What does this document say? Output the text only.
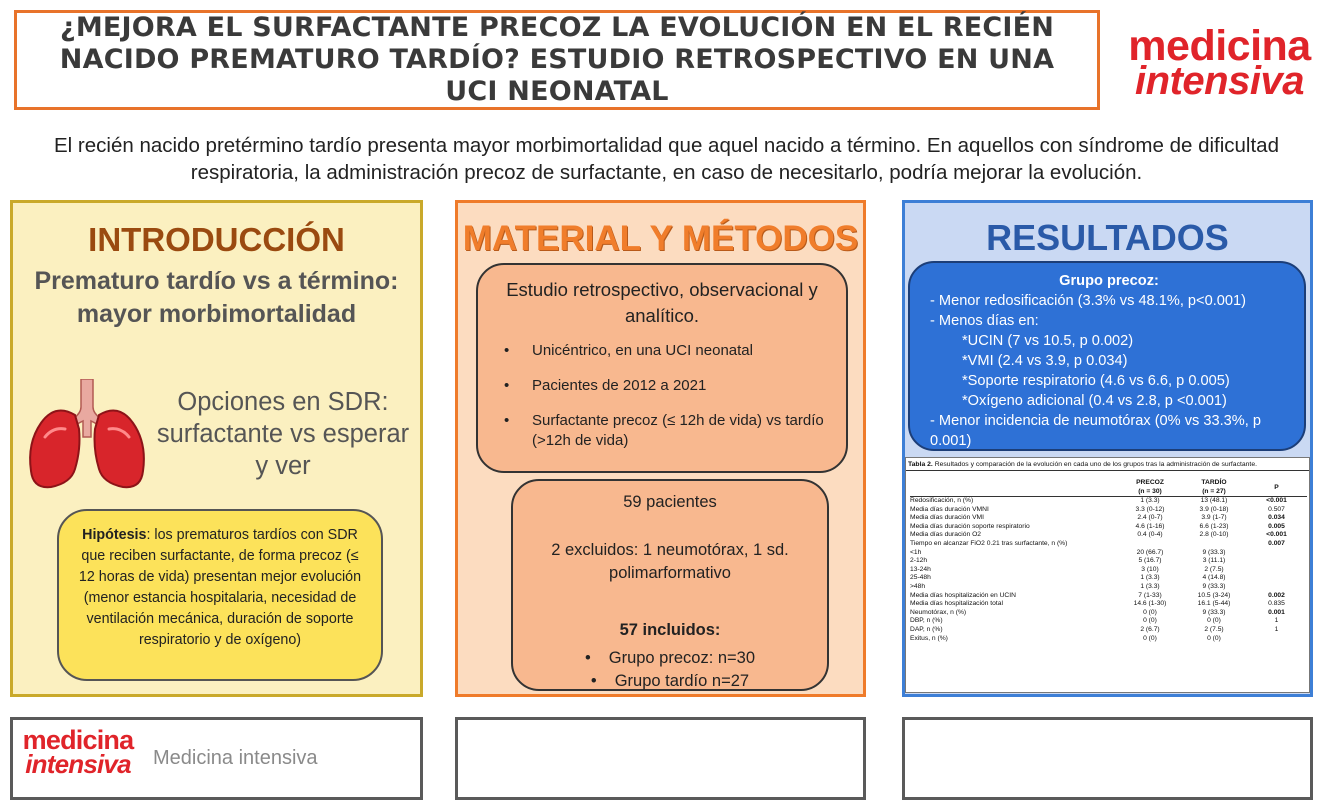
¿MEJORA EL SURFACTANTE PRECOZ LA EVOLUCIÓN EN EL RECIÉN NACIDO PREMATURO TARDÍO? ESTUDIO RETROSPECTIVO EN UNA UCI NEONATAL
medicina
intensiva
El recién nacido pretérmino tardío presenta mayor morbimortalidad que aquel nacido a término. En aquellos con síndrome de dificultad respiratoria, la administración precoz de surfactante, en caso de necesitarlo, podría mejorar la evolución.
INTRODUCCIÓN
Prematuro tardío vs a término: mayor morbimortalidad
Opciones en SDR: surfactante vs esperar y ver
Hipótesis: los prematuros tardíos con SDR que reciben surfactante, de forma precoz (≤ 12 horas de vida) presentan mejor evolución (menor estancia hospitalaria, necesidad de ventilación mecánica, duración de soporte respiratorio y de oxígeno)
MATERIAL Y MÉTODOS
Estudio retrospectivo, observacional y analítico.
• Unicéntrico, en una UCI neonatal
• Pacientes de 2012 a 2021
• Surfactante precoz (≤ 12h de vida) vs tardío (>12h de vida)
59 pacientes
2 excluidos: 1 neumotórax, 1 sd. polimarformativo
57 incluidos:
• Grupo precoz: n=30
• Grupo tardío n=27
RESULTADOS
Grupo precoz:
- Menor redosificación (3.3% vs 48.1%, p<0.001)
- Menos días en:
*UCIN (7 vs 10.5, p 0.002)
*VMI (2.4 vs 3.9, p 0.034)
*Soporte respiratorio (4.6 vs 6.6, p 0.005)
*Oxígeno adicional (0.4 vs 2.8, p <0.001)
- Menor incidencia de neumotórax (0% vs 33.3%, p 0.001)
Tabla 2. Resultados y comparación de la evolución en cada uno de los grupos tras la administración de surfactante.
	PRECOZ	TARDÍO	P
	(n = 30)	(n = 27)	
Redosificación, n (%)	1 (3.3)	13 (48.1)	<0.001
Media días duración VMNI	3.3 (0-12)	3.9 (0-18)	0.507
Media días duración VMI	2.4 (0-7)	3.9 (1-7)	0.034
Media días duración soporte respiratorio	4.6 (1-16)	6.6 (1-23)	0.005
Media días duración O2	0.4 (0-4)	2.8 (0-10)	<0.001
Tiempo en alcanzar FiO2 0.21 tras surfactante, n (%)			0.007
<1h	20 (66.7)	9 (33.3)	
2-12h	5 (16.7)	3 (11.1)	
13-24h	3 (10)	2 (7.5)	
25-48h	1 (3.3)	4 (14.8)	
>48h	1 (3.3)	9 (33.3)	
Media días hospitalización en UCIN	7 (1-33)	10.5 (3-24)	0.002
Media días hospitalización total	14.6 (1-30)	16.1 (5-44)	0.835
Neumotórax, n (%)	0 (0)	9 (33.3)	0.001
DBP, n (%)	0 (0)	0 (0)	1
DAP, n (%)	2 (6.7)	2 (7.5)	1
Exitus, n (%)	0 (0)	0 (0)	
medicina
intensiva	Medicina intensiva
